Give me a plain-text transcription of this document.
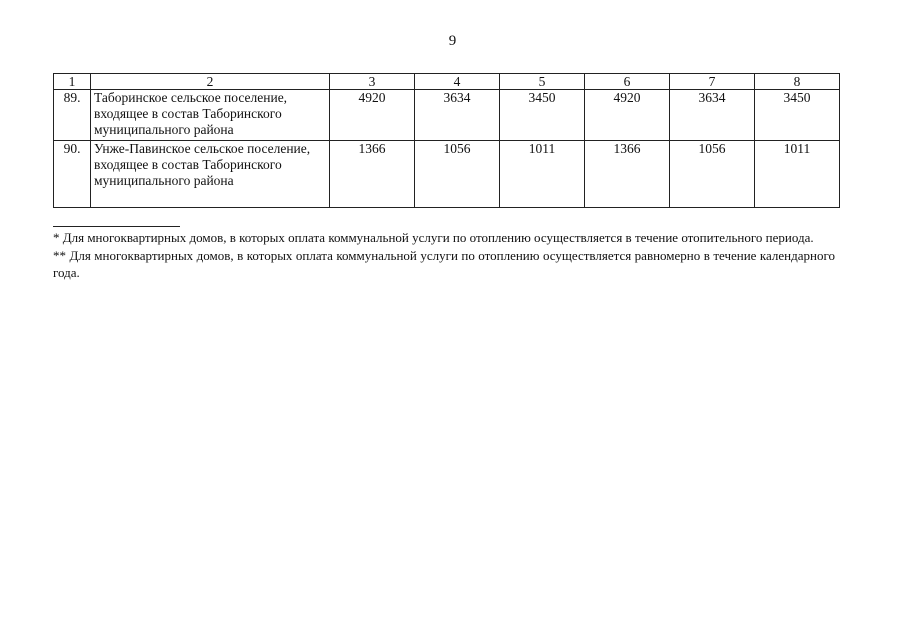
9
1	2	3	4	5	6	7	8
89.	Таборинское сельское поселение, входящее в состав Таборинского муниципального района	4920	3634	3450	4920	3634	3450
90.	Унже-Павинское сельское поселение, входящее в состав Таборинского муниципального района	1366	1056	1011	1366	1056	1011

* Для многоквартирных домов, в которых оплата коммунальной услуги по отоплению осуществляется в течение отопительного периода.

** Для многоквартирных домов, в которых оплата коммунальной услуги по отоплению осуществляется равномерно в течение календарного года.
